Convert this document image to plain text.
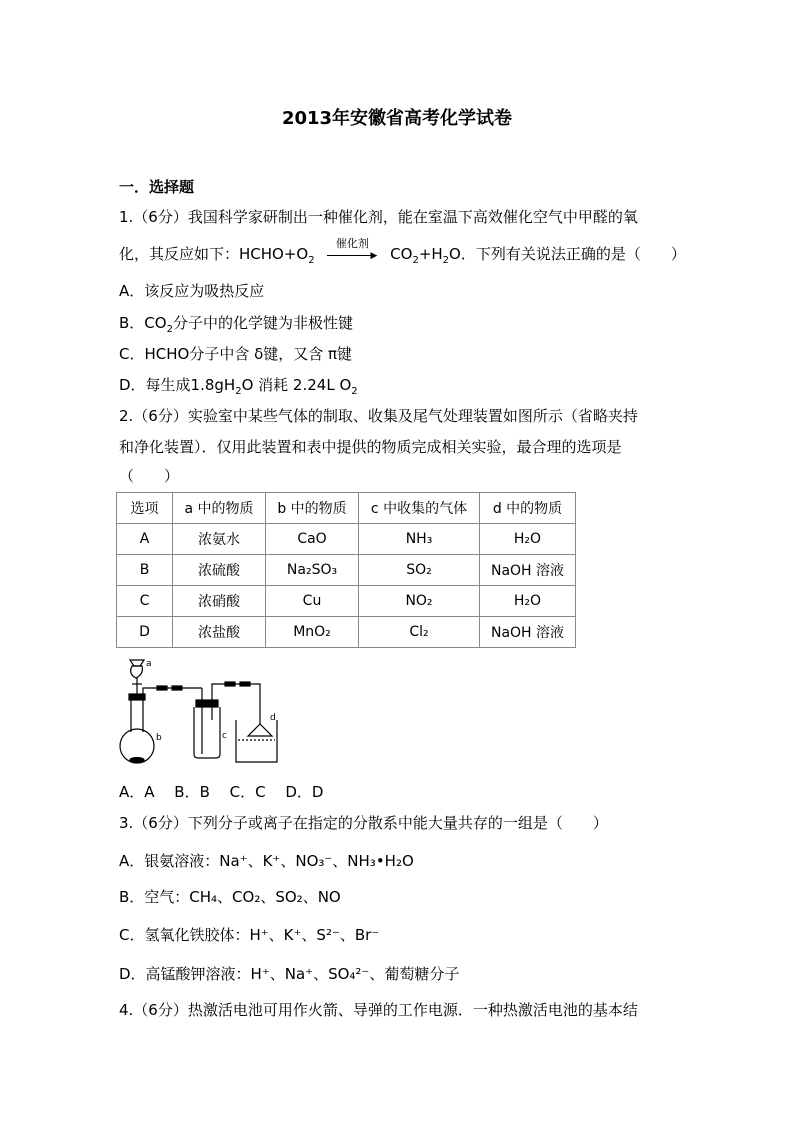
2013年安徽省高考化学试卷
一．选择题
1.（6分）我国科学家研制出一种催化剂，能在室温下高效催化空气中甲醛的氧
化，其反应如下：$HCHO+O_2$
催化剂
▶ $CO_2+H_2O$．下列有关说法正确的是（　　）
A．该反应为吸热反应
B．$CO_2$分子中的化学键为非极性键
C．HCHO分子中含 δ键，又含 π键
D．每生成$1.8gH_2O$ 消耗 2.24L $O_2$
2.（6分）实验室中某些气体的制取、收集及尾气处理装置如图所示（省略夹持
和净化装置）．仅用此装置和表中提供的物质完成相关实验，最合理的选项是
（　　）
选项	a 中的物质	b 中的物质	c 中收集的气体	d 中的物质
A	浓氨水	CaO	NH₃	H₂O
B	浓硫酸	Na₂SO₃	SO₂	NaOH 溶液
C	浓硝酸	Cu	NO₂	H₂O
D	浓盐酸	MnO₂	Cl₂	NaOH 溶液
a
b	c
d
A．A　 B．B　 C．C　 D．D
3.（6分）下列分子或离子在指定的分散系中能大量共存的一组是（　　）
A．银氨溶液：Na⁺、K⁺、NO₃⁻、NH₃•H₂O
B．空气：CH₄、CO₂、SO₂、NO
C．氢氧化铁胶体：H⁺、K⁺、S²⁻、Br⁻
D．高锰酸钾溶液：H⁺、Na⁺、SO₄²⁻、葡萄糖分子
4.（6分）热激活电池可用作火箭、导弹的工作电源．一种热激活电池的基本结
